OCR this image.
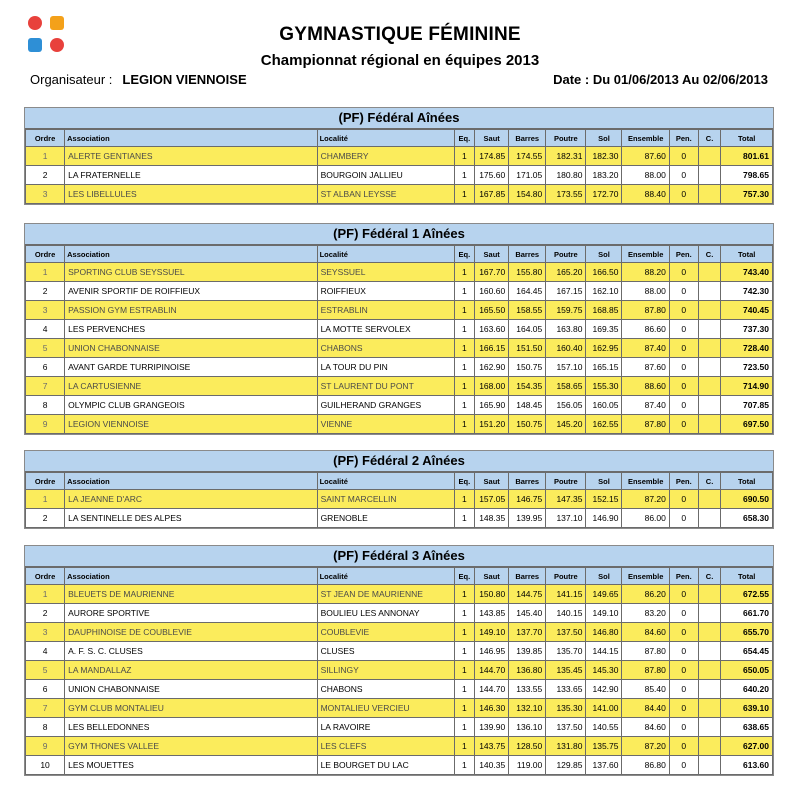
GYMNASTIQUE FÉMININE
Championnat régional en équipes 2013
Organisateur : LEGION VIENNOISE	Date : Du 01/06/2013 Au 02/06/2013
(PF) Fédéral Aînées
Ordre	Association	Localité	Eq.	Saut	Barres	Poutre	Sol	Ensemble	Pen.	C.	Total
1	ALERTE GENTIANES	CHAMBERY	1	174.85	174.55	182.31	182.30	87.60	0		801.61
2	LA FRATERNELLE	BOURGOIN JALLIEU	1	175.60	171.05	180.80	183.20	88.00	0		798.65
3	LES LIBELLULES	ST ALBAN LEYSSE	1	167.85	154.80	173.55	172.70	88.40	0		757.30
(PF) Fédéral 1 Aînées
Ordre	Association	Localité	Eq.	Saut	Barres	Poutre	Sol	Ensemble	Pen.	C.	Total
1	SPORTING CLUB SEYSSUEL	SEYSSUEL	1	167.70	155.80	165.20	166.50	88.20	0		743.40
2	AVENIR SPORTIF DE ROIFFIEUX	ROIFFIEUX	1	160.60	164.45	167.15	162.10	88.00	0		742.30
3	PASSION GYM ESTRABLIN	ESTRABLIN	1	165.50	158.55	159.75	168.85	87.80	0		740.45
4	LES PERVENCHES	LA MOTTE SERVOLEX	1	163.60	164.05	163.80	169.35	86.60	0		737.30
5	UNION CHABONNAISE	CHABONS	1	166.15	151.50	160.40	162.95	87.40	0		728.40
6	AVANT GARDE TURRIPINOISE	LA TOUR DU PIN	1	162.90	150.75	157.10	165.15	87.60	0		723.50
7	LA CARTUSIENNE	ST LAURENT DU PONT	1	168.00	154.35	158.65	155.30	88.60	0		714.90
8	OLYMPIC CLUB GRANGEOIS	GUILHERAND GRANGES	1	165.90	148.45	156.05	160.05	87.40	0		707.85
9	LEGION VIENNOISE	VIENNE	1	151.20	150.75	145.20	162.55	87.80	0		697.50
(PF) Fédéral 2 Aînées
Ordre	Association	Localité	Eq.	Saut	Barres	Poutre	Sol	Ensemble	Pen.	C.	Total
1	LA JEANNE D'ARC	SAINT MARCELLIN	1	157.05	146.75	147.35	152.15	87.20	0		690.50
2	LA SENTINELLE DES ALPES	GRENOBLE	1	148.35	139.95	137.10	146.90	86.00	0		658.30
(PF) Fédéral 3 Aînées
Ordre	Association	Localité	Eq.	Saut	Barres	Poutre	Sol	Ensemble	Pen.	C.	Total
1	BLEUETS DE MAURIENNE	ST JEAN DE MAURIENNE	1	150.80	144.75	141.15	149.65	86.20	0		672.55
2	AURORE SPORTIVE	BOULIEU LES ANNONAY	1	143.85	145.40	140.15	149.10	83.20	0		661.70
3	DAUPHINOISE DE COUBLEVIE	COUBLEVIE	1	149.10	137.70	137.50	146.80	84.60	0		655.70
4	A. F. S. C. CLUSES	CLUSES	1	146.95	139.85	135.70	144.15	87.80	0		654.45
5	LA MANDALLAZ	SILLINGY	1	144.70	136.80	135.45	145.30	87.80	0		650.05
6	UNION CHABONNAISE	CHABONS	1	144.70	133.55	133.65	142.90	85.40	0		640.20
7	GYM CLUB MONTALIEU	MONTALIEU VERCIEU	1	146.30	132.10	135.30	141.00	84.40	0		639.10
8	LES BELLEDONNES	LA RAVOIRE	1	139.90	136.10	137.50	140.55	84.60	0		638.65
9	GYM THONES VALLEE	LES CLEFS	1	143.75	128.50	131.80	135.75	87.20	0		627.00
10	LES MOUETTES	LE BOURGET DU LAC	1	140.35	119.00	129.85	137.60	86.80	0		613.60
